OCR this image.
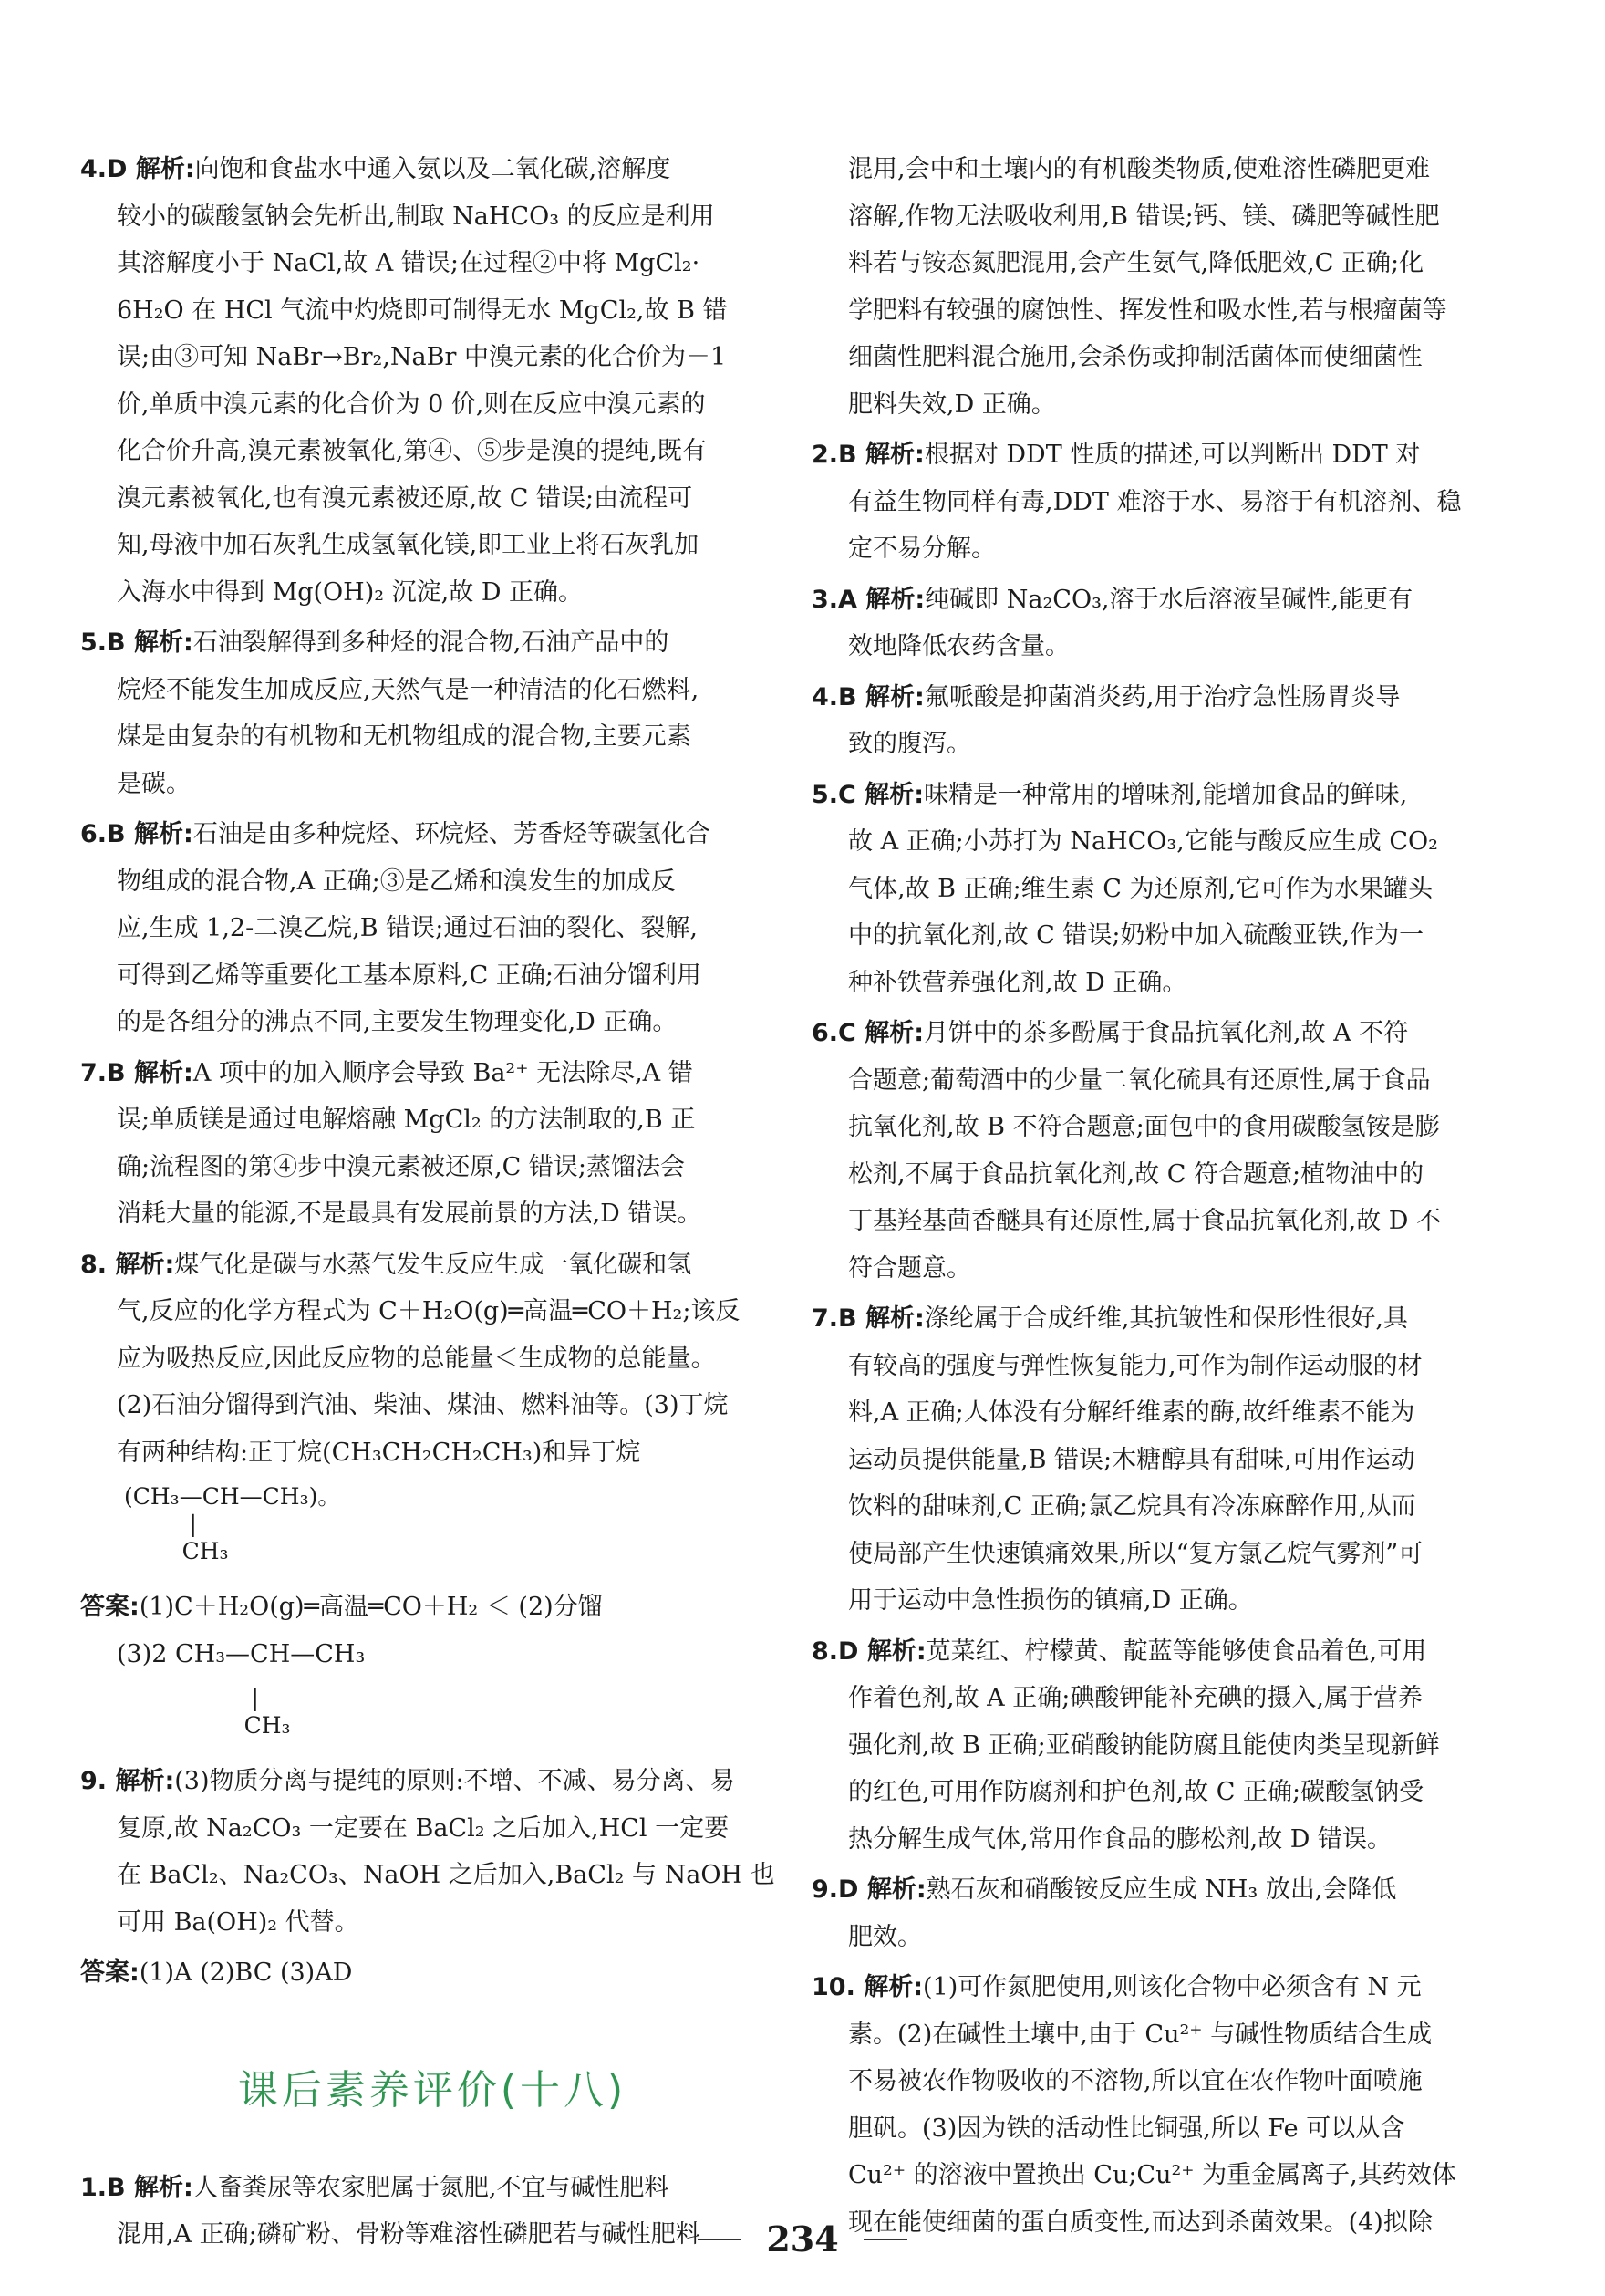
4.D 解析:向饱和食盐水中通入氨以及二氧化碳,溶解度
较小的碳酸氢钠会先析出,制取 NaHCO₃ 的反应是利用
其溶解度小于 NaCl,故 A 错误;在过程②中将 MgCl₂·
6H₂O 在 HCl 气流中灼烧即可制得无水 MgCl₂,故 B 错
误;由③可知 NaBr→Br₂,NaBr 中溴元素的化合价为－1
价,单质中溴元素的化合价为 0 价,则在反应中溴元素的
化合价升高,溴元素被氧化,第④、⑤步是溴的提纯,既有
溴元素被氧化,也有溴元素被还原,故 C 错误;由流程可
知,母液中加石灰乳生成氢氧化镁,即工业上将石灰乳加
入海水中得到 Mg(OH)₂ 沉淀,故 D 正确。
5.B 解析:石油裂解得到多种烃的混合物,石油产品中的
烷烃不能发生加成反应,天然气是一种清洁的化石燃料,
煤是由复杂的有机物和无机物组成的混合物,主要元素
是碳。
6.B 解析:石油是由多种烷烃、环烷烃、芳香烃等碳氢化合
物组成的混合物,A 正确;③是乙烯和溴发生的加成反
应,生成 1,2-二溴乙烷,B 错误;通过石油的裂化、裂解,
可得到乙烯等重要化工基本原料,C 正确;石油分馏利用
的是各组分的沸点不同,主要发生物理变化,D 正确。
7.B 解析:A 项中的加入顺序会导致 Ba²⁺ 无法除尽,A 错
误;单质镁是通过电解熔融 MgCl₂ 的方法制取的,B 正
确;流程图的第④步中溴元素被还原,C 错误;蒸馏法会
消耗大量的能源,不是最具有发展前景的方法,D 错误。
8. 解析:煤气化是碳与水蒸气发生反应生成一氧化碳和氢
气,反应的化学方程式为 C＋H₂O(g)═高温═CO＋H₂;该反
应为吸热反应,因此反应物的总能量＜生成物的总能量。
(2)石油分馏得到汽油、柴油、煤油、燃料油等。(3)丁烷
有两种结构:正丁烷(CH₃CH₂CH₂CH₃)和异丁烷
(CH₃—CH—CH₃)。
|
CH₃
答案:(1)C＋H₂O(g)═高温═CO＋H₂ ＜ (2)分馏
(3)2 CH₃—CH—CH₃
|
CH₃
9. 解析:(3)物质分离与提纯的原则:不增、不减、易分离、易
复原,故 Na₂CO₃ 一定要在 BaCl₂ 之后加入,HCl 一定要
在 BaCl₂、Na₂CO₃、NaOH 之后加入,BaCl₂ 与 NaOH 也
可用 Ba(OH)₂ 代替。
答案:(1)A (2)BC (3)AD
课后素养评价(十八)
1.B 解析:人畜粪尿等农家肥属于氮肥,不宜与碱性肥料
混用,A 正确;磷矿粉、骨粉等难溶性磷肥若与碱性肥料
混用,会中和土壤内的有机酸类物质,使难溶性磷肥更难
溶解,作物无法吸收利用,B 错误;钙、镁、磷肥等碱性肥
料若与铵态氮肥混用,会产生氨气,降低肥效,C 正确;化
学肥料有较强的腐蚀性、挥发性和吸水性,若与根瘤菌等
细菌性肥料混合施用,会杀伤或抑制活菌体而使细菌性
肥料失效,D 正确。
2.B 解析:根据对 DDT 性质的描述,可以判断出 DDT 对
有益生物同样有毒,DDT 难溶于水、易溶于有机溶剂、稳
定不易分解。
3.A 解析:纯碱即 Na₂CO₃,溶于水后溶液呈碱性,能更有
效地降低农药含量。
4.B 解析:氟哌酸是抑菌消炎药,用于治疗急性肠胃炎导
致的腹泻。
5.C 解析:味精是一种常用的增味剂,能增加食品的鲜味,
故 A 正确;小苏打为 NaHCO₃,它能与酸反应生成 CO₂
气体,故 B 正确;维生素 C 为还原剂,它可作为水果罐头
中的抗氧化剂,故 C 错误;奶粉中加入硫酸亚铁,作为一
种补铁营养强化剂,故 D 正确。
6.C 解析:月饼中的茶多酚属于食品抗氧化剂,故 A 不符
合题意;葡萄酒中的少量二氧化硫具有还原性,属于食品
抗氧化剂,故 B 不符合题意;面包中的食用碳酸氢铵是膨
松剂,不属于食品抗氧化剂,故 C 符合题意;植物油中的
丁基羟基茴香醚具有还原性,属于食品抗氧化剂,故 D 不
符合题意。
7.B 解析:涤纶属于合成纤维,其抗皱性和保形性很好,具
有较高的强度与弹性恢复能力,可作为制作运动服的材
料,A 正确;人体没有分解纤维素的酶,故纤维素不能为
运动员提供能量,B 错误;木糖醇具有甜味,可用作运动
饮料的甜味剂,C 正确;氯乙烷具有冷冻麻醉作用,从而
使局部产生快速镇痛效果,所以“复方氯乙烷气雾剂”可
用于运动中急性损伤的镇痛,D 正确。
8.D 解析:苋菜红、柠檬黄、靛蓝等能够使食品着色,可用
作着色剂,故 A 正确;碘酸钾能补充碘的摄入,属于营养
强化剂,故 B 正确;亚硝酸钠能防腐且能使肉类呈现新鲜
的红色,可用作防腐剂和护色剂,故 C 正确;碳酸氢钠受
热分解生成气体,常用作食品的膨松剂,故 D 错误。
9.D 解析:熟石灰和硝酸铵反应生成 NH₃ 放出,会降低
肥效。
10. 解析:(1)可作氮肥使用,则该化合物中必须含有 N 元
素。(2)在碱性土壤中,由于 Cu²⁺ 与碱性物质结合生成
不易被农作物吸收的不溶物,所以宜在农作物叶面喷施
胆矾。(3)因为铁的活动性比铜强,所以 Fe 可以从含
Cu²⁺ 的溶液中置换出 Cu;Cu²⁺ 为重金属离子,其药效体
现在能使细菌的蛋白质变性,而达到杀菌效果。(4)拟除
234
